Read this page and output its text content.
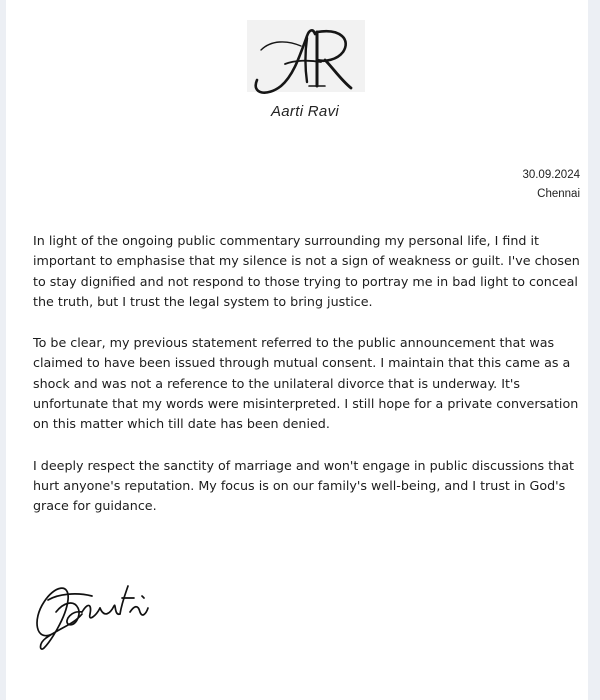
Aarti Ravi
30.09.2024
Chennai

In light of the ongoing public commentary surrounding my personal life, I find it important to emphasise that my silence is not a sign of weakness or guilt. I've chosen to stay dignified and not respond to those trying to portray me in bad light to conceal the truth, but I trust the legal system to bring justice.

To be clear, my previous statement referred to the public announcement that was claimed to have been issued through mutual consent. I maintain that this came as a shock and was not a reference to the unilateral divorce that is underway. It's unfortunate that my words were misinterpreted. I still hope for a private conversation on this matter which till date has been denied.

I deeply respect the sanctity of marriage and won't engage in public discussions that hurt anyone's reputation. My focus is on our family's well-being, and I trust in God's grace for guidance.
